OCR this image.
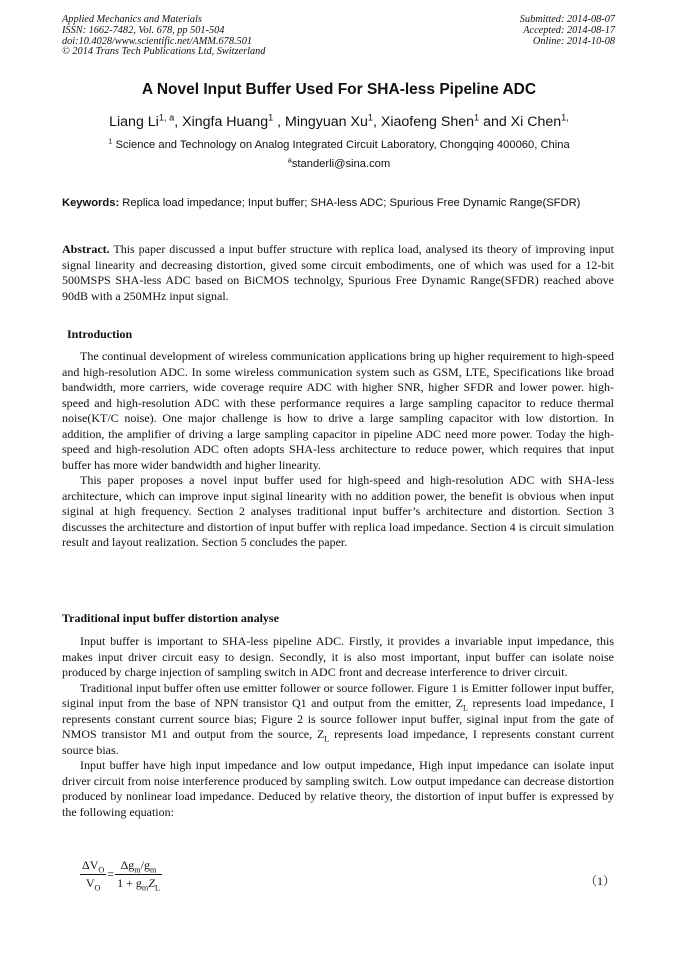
Applied Mechanics and Materials
ISSN: 1662-7482, Vol. 678, pp 501-504
doi:10.4028/www.scientific.net/AMM.678.501
© 2014 Trans Tech Publications Ltd, Switzerland
Submitted: 2014-08-07
Accepted: 2014-08-17
Online: 2014-10-08
A Novel Input Buffer Used For SHA-less Pipeline ADC
Liang Li$^{1, a}$, Xingfa Huang$^1$ , Mingyuan Xu$^1$, Xiaofeng Shen$^1$ and Xi Chen$^{1,}$
$^1$ Science and Technology on Analog Integrated Circuit Laboratory, Chongqing 400060, China
$^a$standerli@sina.com
Keywords: Replica load impedance; Input buffer; SHA-less ADC; Spurious Free Dynamic Range(SFDR)
Abstract. This paper discussed a input buffer structure with replica load, analysed its theory of improving input signal linearity and decreasing distortion, gived some circuit embodiments, one of which was used for a 12-bit 500MSPS SHA-less ADC based on BiCMOS technolgy, Spurious Free Dynamic Range(SFDR) reached above 90dB with a 250MHz input signal.
Introduction

The continual development of wireless communication applications bring up higher requirement to high-speed and high-resolution ADC. In some wireless communication system such as GSM, LTE, Specifications like broad bandwidth, more carriers, wide coverage require ADC with higher SNR, higher SFDR and lower power. high-speed and high-resolution ADC with these performance requires a large sampling capacitor to reduce thermal noise(KT/C noise). One major challenge is how to drive a large sampling capacitor with low distortion. In addition, the amplifier of driving a large sampling capacitor in pipeline ADC need more power. Today the high-speed and high-resolution ADC often adopts SHA-less architecture to reduce power, which requires that input buffer has more wider bandwidth and higher linearity.

This paper proposes a novel input buffer used for high-speed and high-resolution ADC with SHA-less architecture, which can improve input siginal linearity with no addition power, the benefit is obvious when input siginal at high frequency. Section 2 analyses traditional input buffer’s architecture and distortion. Section 3 discusses the architecture and distortion of input buffer with replica load impedance. Section 4 is circuit simulation result and layout realization. Section 5 concludes the paper.

Traditional input buffer distortion analyse

Input buffer is important to SHA-less pipeline ADC. Firstly, it provides a invariable input impedance, this makes input driver circuit easy to design. Secondly, it is also most important, input buffer can isolate noise produced by charge injection of sampling switch in ADC front and decrease interference to driver circuit.

Traditional input buffer often use emitter follower or source follower. Figure 1 is Emitter follower input buffer, siginal input from the base of NPN transistor Q1 and output from the emitter, $Z_L$ represents load impedance, I represents constant current source bias; Figure 2 is source follower input buffer, siginal input from the gate of NMOS transistor M1 and output from the source, $Z_L$ represents load impedance, I represents constant current source bias.

Input buffer have high input impedance and low output impedance, High input impedance can isolate input driver circuit from noise interference produced by sampling switch. Low output impedance can decrease distortion produced by nonlinear load impedance. Deduced by relative theory, the distortion of input buffer is expressed by the following equation:

$\frac{\Delta V_O}{V_O} = \frac{\Delta g_m/g_m}{1 + g_mZ_L}$	（1）
